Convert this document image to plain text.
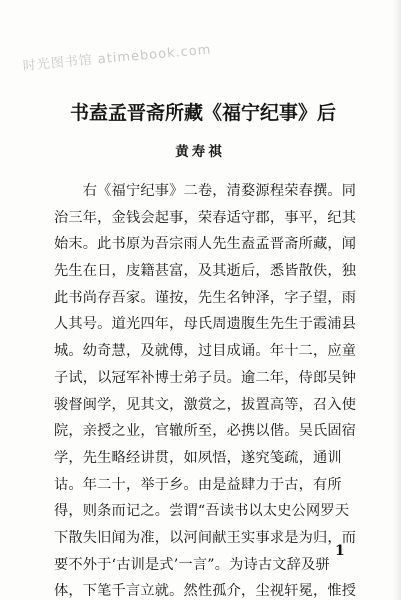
时光图书馆 atimebook.com
书盍孟晋斋所藏《福宁纪事》后
黄寿祺
　　右《福宁纪事》二卷，清婺源程荣春撰。同
治三年，金钱会起事，荣春适守郡，事平，纪其
始末。此书原为吾宗雨人先生盍孟晋斋所藏，闻
先生在日，庋籍甚富，及其逝后，悉皆散佚，独
此书尚存吾家。谨按，先生名钟泽，字子望，雨
人其号。道光四年，母氏周遗腹生先生于霞浦县
城。幼奇慧，及就傅，过目成诵。年十二，应童
子试，以冠军补博士弟子员。逾二年，侍郎吴钟
骏督闽学，见其文，激赏之，拔置高等，召入使
院，亲授之业，官辙所至，必携以偕。吴氏固宿
学，先生略经讲贯，如夙悟，遂究笺疏，通训
诂。年二十，举于乡。由是益肆力于古，有所
得，则条而记之。尝谓“吾读书以太史公网罗天
下散失旧闻为准，以河间献王实事求是为归，而
要不外于‘古训是式’一言”。为诗古文辞及骈
体，下笔千言立就。然性孤介，尘视轩冕，惟授
1
